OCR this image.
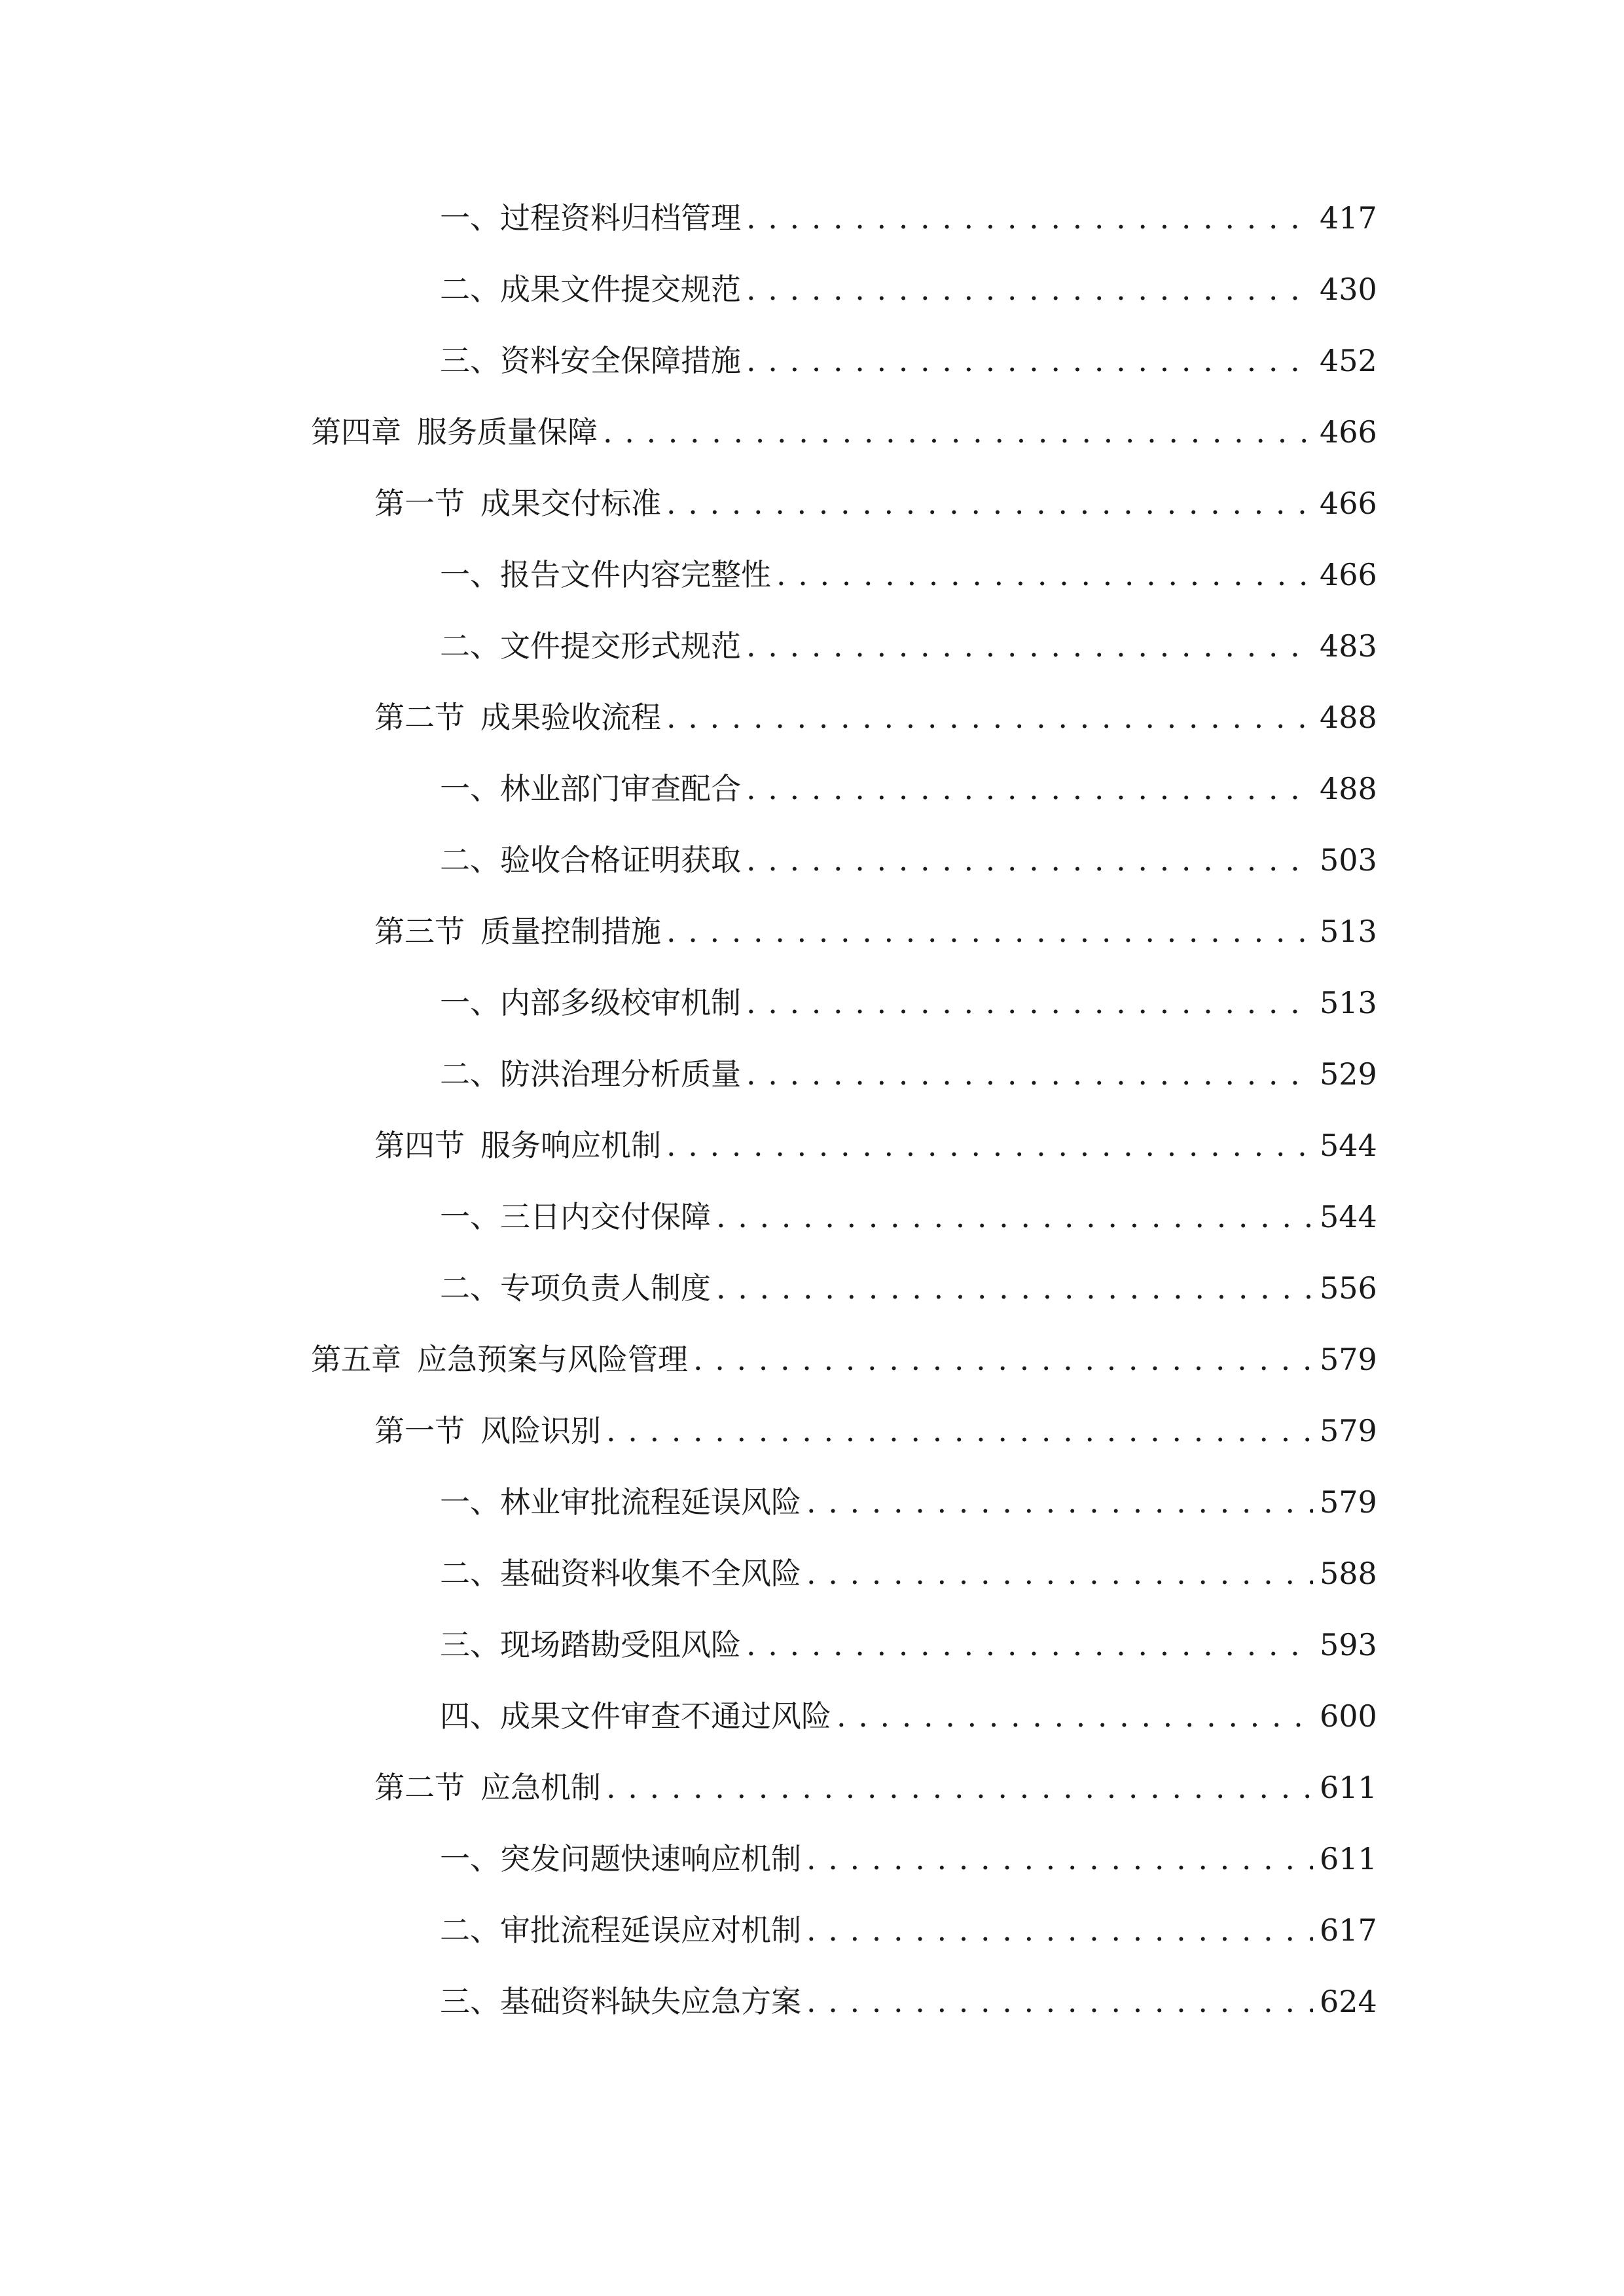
一、 过程资料归档管理 . . .	417
二、 成果文件提交规范 . . .	430
三、 资料安全保障措施 . . .	452
第四章 服务质量保障 . . .	466
第一节 成果交付标准 . . .	466
一、 报告文件内容完整性 . . .	466
二、 文件提交形式规范 . . .	483
第二节 成果验收流程 . . .	488
一、 林业部门审查配合 . . .	488
二、 验收合格证明获取 . . .	503
第三节 质量控制措施 . . .	513
一、 内部多级校审机制 . . .	513
二、 防洪治理分析质量 . . .	529
第四节 服务响应机制 . . .	544
一、 三日内交付保障 . . .	544
二、 专项负责人制度 . . .	556
第五章 应急预案与风险管理 . . .	579
第一节 风险识别 . . .	579
一、 林业审批流程延误风险 . . .	579
二、 基础资料收集不全风险 . . .	588
三、 现场踏勘受阻风险 . . .	593
四、 成果文件审查不通过风险 . . .	600
第二节 应急机制 . . .	611
一、 突发问题快速响应机制 . . .	611
二、 审批流程延误应对机制 . . .	617
三、 基础资料缺失应急方案 . . .	624
